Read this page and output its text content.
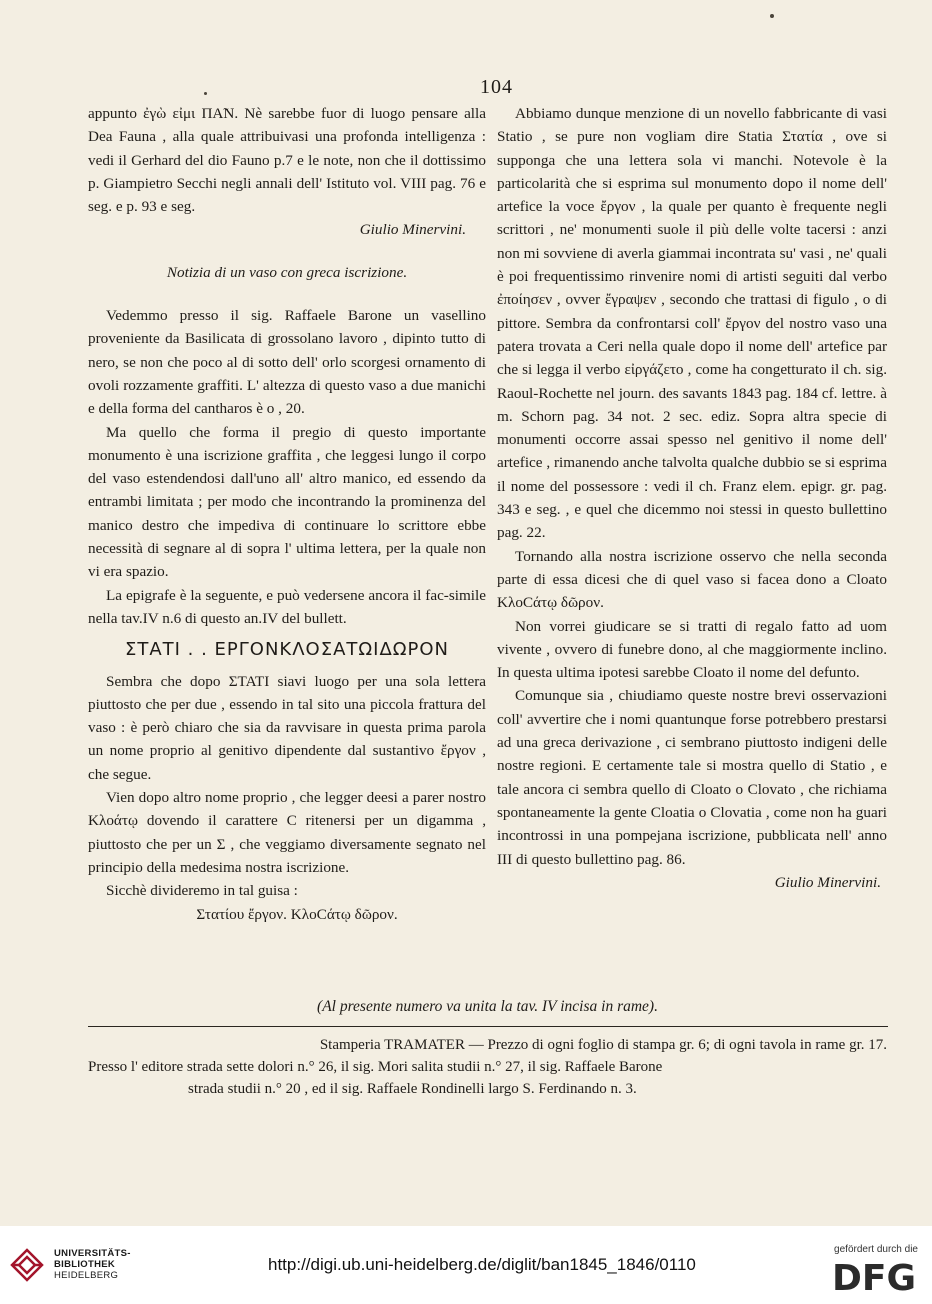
104

appunto ἐγὼ εἰμι ΠΑ̃Ν. Nè sarebbe fuor di luogo pensare alla Dea Fauna , alla quale attribuivasi una profonda intelligenza : vedi il Gerhard del dio Fauno p.7 e le note, non che il dottissimo p. Giampietro Secchi negli annali dell' Istituto vol. VIII pag. 76 e seg. e p. 93 e seg.

Giulio Minervini.

Notizia di un vaso con greca iscrizione.

Vedemmo presso il sig. Raffaele Barone un vasellino proveniente da Basilicata di grossolano lavoro , dipinto tutto di nero, se non che poco al di sotto dell' orlo scorgesi ornamento di ovoli rozzamente graffiti. L' altezza di questo vaso a due manichi e della forma del cantharos è o , 20.

Ma quello che forma il pregio di questo importante monumento è una iscrizione graffita , che leggesi lungo il corpo del vaso estendendosi dall'uno all' altro manico, ed essendo da entrambi limitata ; per modo che incontrando la prominenza del manico destro che impediva di continuare lo scrittore ebbe necessità di segnare al di sopra l' ultima lettera, per la quale non vi era spazio.

La epigrafe è la seguente, e può vedersene ancora il fac-simile nella tav.IV n.6 di questo an.IV del bullett.

ΣΤΑΤΙ . . ΕΡΓΟΝΚΛΟΣΑΤΩΙΔΩΡΟΝ

Sembra che dopo ΣΤΑΤΙ siavi luogo per una sola lettera piuttosto che per due , essendo in tal sito una piccola frattura del vaso : è però chiaro che sia da ravvisare in questa prima parola un nome proprio al genitivo dipendente dal sustantivo ἔργον , che segue.

Vien dopo altro nome proprio , che legger deesi a parer nostro Κλοάτῳ dovendo il carattere Ϲ ritenersi per un digamma , piuttosto che per un Σ , che veggiamo diversamente segnato nel principio della medesima nostra iscrizione.

Sicchè divideremo in tal guisa :

Στατίου ἔργον. ΚλοϹάτῳ δῶρον.

Abbiamo dunque menzione di un novello fabbricante di vasi Statio , se pure non vogliam dire Statia Στατία , ove si supponga che una lettera sola vi manchi. Notevole è la particolarità che si esprima sul monumento dopo il nome dell' artefice la voce ἔργον , la quale per quanto è frequente negli scrittori , ne' monumenti suole il più delle volte tacersi : anzi non mi sovviene di averla giammai incontrata su' vasi , ne' quali è poi frequentissimo rinvenire nomi di artisti seguiti dal verbo ἐποίησεν , ovver ἔγραψεν , secondo che trattasi di figulo , o di pittore. Sembra da confrontarsi coll' ἔργον del nostro vaso una patera trovata a Ceri nella quale dopo il nome dell' artefice par che si legga il verbo εἰργάζετο , come ha congetturato il ch. sig. Raoul-Rochette nel journ. des savants 1843 pag. 184 cf. lettre. à m. Schorn pag. 34 not. 2 sec. ediz. Sopra altra specie di monumenti occorre assai spesso nel genitivo il nome dell' artefice , rimanendo anche talvolta qualche dubbio se si esprima il nome del possessore : vedi il ch. Franz elem. epigr. gr. pag. 343 e seg. , e quel che dicemmo noi stessi in questo bullettino pag. 22.

Tornando alla nostra iscrizione osservo che nella seconda parte di essa dicesi che di quel vaso si facea dono a Cloato ΚλοϹάτῳ δῶρον.

Non vorrei giudicare se si tratti di regalo fatto ad uom vivente , ovvero di funebre dono, al che maggiormente inclino. In questa ultima ipotesi sarebbe Cloato il nome del defunto.

Comunque sia , chiudiamo queste nostre brevi osservazioni coll' avvertire che i nomi quantunque forse potrebbero prestarsi ad una greca derivazione , ci sembrano piuttosto indigeni delle nostre regioni. E certamente tale si mostra quello di Statio , e tale ancora ci sembra quello di Cloato o Clovato , che richiama spontaneamente la gente Cloatia o Clovatia , come non ha guari incontrossi in una pompejana iscrizione, pubblicata nell' anno III di questo bullettino pag. 86.

Giulio Minervini.

(Al presente numero va unita la tav. IV incisa in rame).

Stamperia TRAMATER — Prezzo di ogni foglio di stampa gr. 6; di ogni tavola in rame gr. 17.

Presso l' editore strada sette dolori n.° 26, il sig. Mori salita studii n.° 27, il sig. Raffaele Barone

strada studii n.° 20 , ed il sig. Raffaele Rondinelli largo S. Ferdinando n. 3.

UNIVERSITÄTS-
BIBLIOTHEK
HEIDELBERG
http://digi.ub.uni-heidelberg.de/diglit/ban1845_1846/0110
gefördert durch die
DFG
